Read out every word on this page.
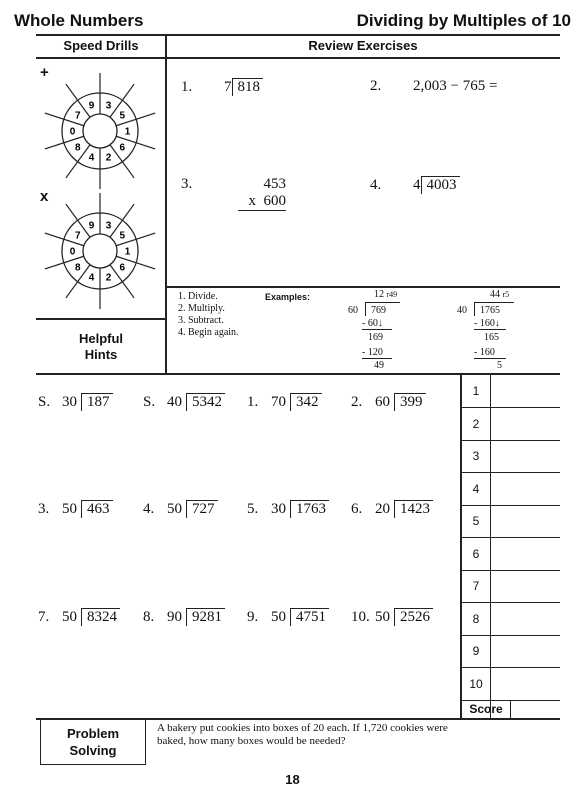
Whole Numbers	Dividing by Multiples of 10
Speed Drills	Review Exercises
+
x
3
5
1
6
2
4
8
0
7
9
3
5
1
6
2
4
8
0
7
9
1. 7 818	2. 2,003 − 765 =
3.	453
x  600
4. 4 4003
Helpful
Hints
1. Divide.
2. Multiply.
3. Subtract.
4. Begin again.
Examples:	12 r49
60	769
- 60↓
169
- 120
49
44 r5
40	1765
- 160↓
165
- 160
5
S. 30 187 S. 40 5342 1. 70 342 2. 60 399
3. 50 463 4. 50 727 5. 30 1763 6. 20 1423
7. 50 8324 8. 90 9281 9. 50 4751 10. 50 2526
1
2
3
4
5
6
7
8
9
10
Score
Problem
Solving
A bakery put cookies into boxes of 20 each. If 1,720 cookies were baked, how many boxes would be needed?
18
